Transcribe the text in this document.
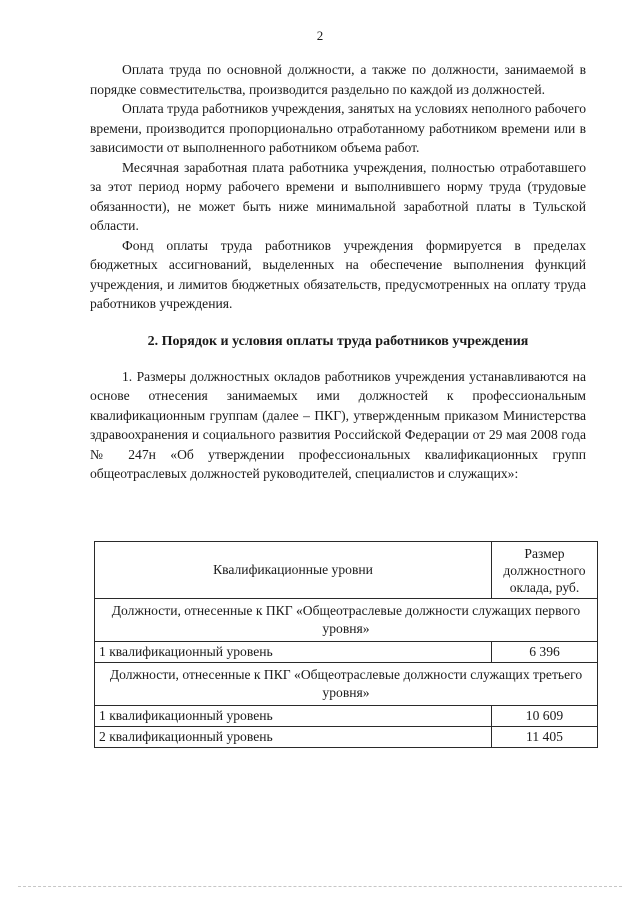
2

Оплата труда по основной должности, а также по должности, занимаемой в порядке совместительства, производится раздельно по каждой из должностей.

Оплата труда работников учреждения, занятых на условиях неполного рабочего времени, производится пропорционально отработанному работником времени или в зависимости от выполненного работником объема работ.

Месячная заработная плата работника учреждения, полностью отработавшего за этот период норму рабочего времени и выполнившего норму труда (трудовые обязанности), не может быть ниже минимальной заработной платы в Тульской области.

Фонд оплаты труда работников учреждения формируется в пределах бюджетных ассигнований, выделенных на обеспечение выполнения функций учреждения, и лимитов бюджетных обязательств, предусмотренных на оплату труда работников учреждения.

2. Порядок и условия оплаты труда работников учреждения

1. Размеры должностных окладов работников учреждения устанавливаются на основе отнесения занимаемых ими должностей к профессиональным квалификационным группам (далее – ПКГ), утвержденным приказом Министерства здравоохранения и социального развития Российской Федерации от 29 мая 2008 года № 247н «Об утверждении профессиональных квалификационных групп общеотраслевых должностей руководителей, специалистов и служащих»:

Квалификационные уровни	Размер должностного оклада, руб.
Должности, отнесенные к ПКГ «Общеотраслевые должности служащих первого уровня»	
1 квалификационный уровень	6 396
Должности, отнесенные к ПКГ «Общеотраслевые должности служащих третьего уровня»	
1 квалификационный уровень	10 609
2 квалификационный уровень	11 405
